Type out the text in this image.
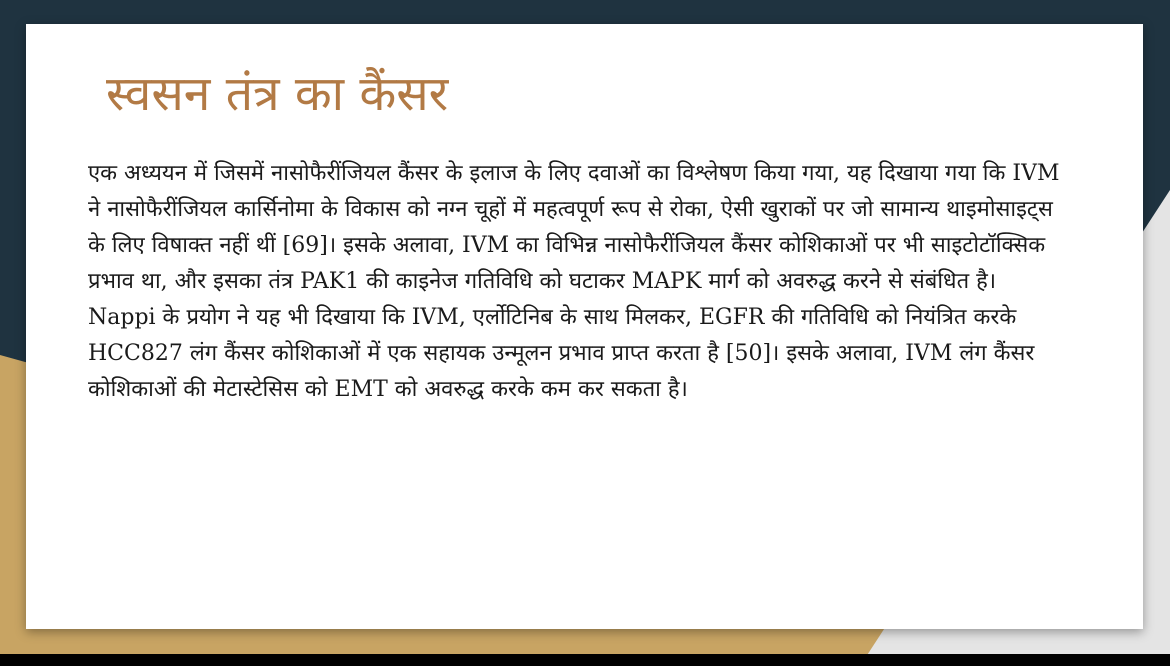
स्वसन तंत्र का कैंसर

एक अध्ययन में जिसमें नासोफैरींजियल कैंसर के इलाज के लिए दवाओं का विश्लेषण किया गया, यह दिखाया गया कि IVM ने नासोफैरींजियल कार्सिनोमा के विकास को नग्न चूहों में महत्वपूर्ण रूप से रोका, ऐसी खुराकों पर जो सामान्य थाइमोसाइट्स के लिए विषाक्त नहीं थीं [69]। इसके अलावा, IVM का विभिन्न नासोफैरींजियल कैंसर कोशिकाओं पर भी साइटोटॉक्सिक प्रभाव था, और इसका तंत्र PAK1 की काइनेज गतिविधि को घटाकर MAPK मार्ग को अवरुद्ध करने से संबंधित है।

Nappi के प्रयोग ने यह भी दिखाया कि IVM, एर्लोटिनिब के साथ मिलकर, EGFR की गतिविधि को नियंत्रित करके HCC827 लंग कैंसर कोशिकाओं में एक सहायक उन्मूलन प्रभाव प्राप्त करता है [50]। इसके अलावा, IVM लंग कैंसर कोशिकाओं की मेटास्टेसिस को EMT को अवरुद्ध करके कम कर सकता है।
